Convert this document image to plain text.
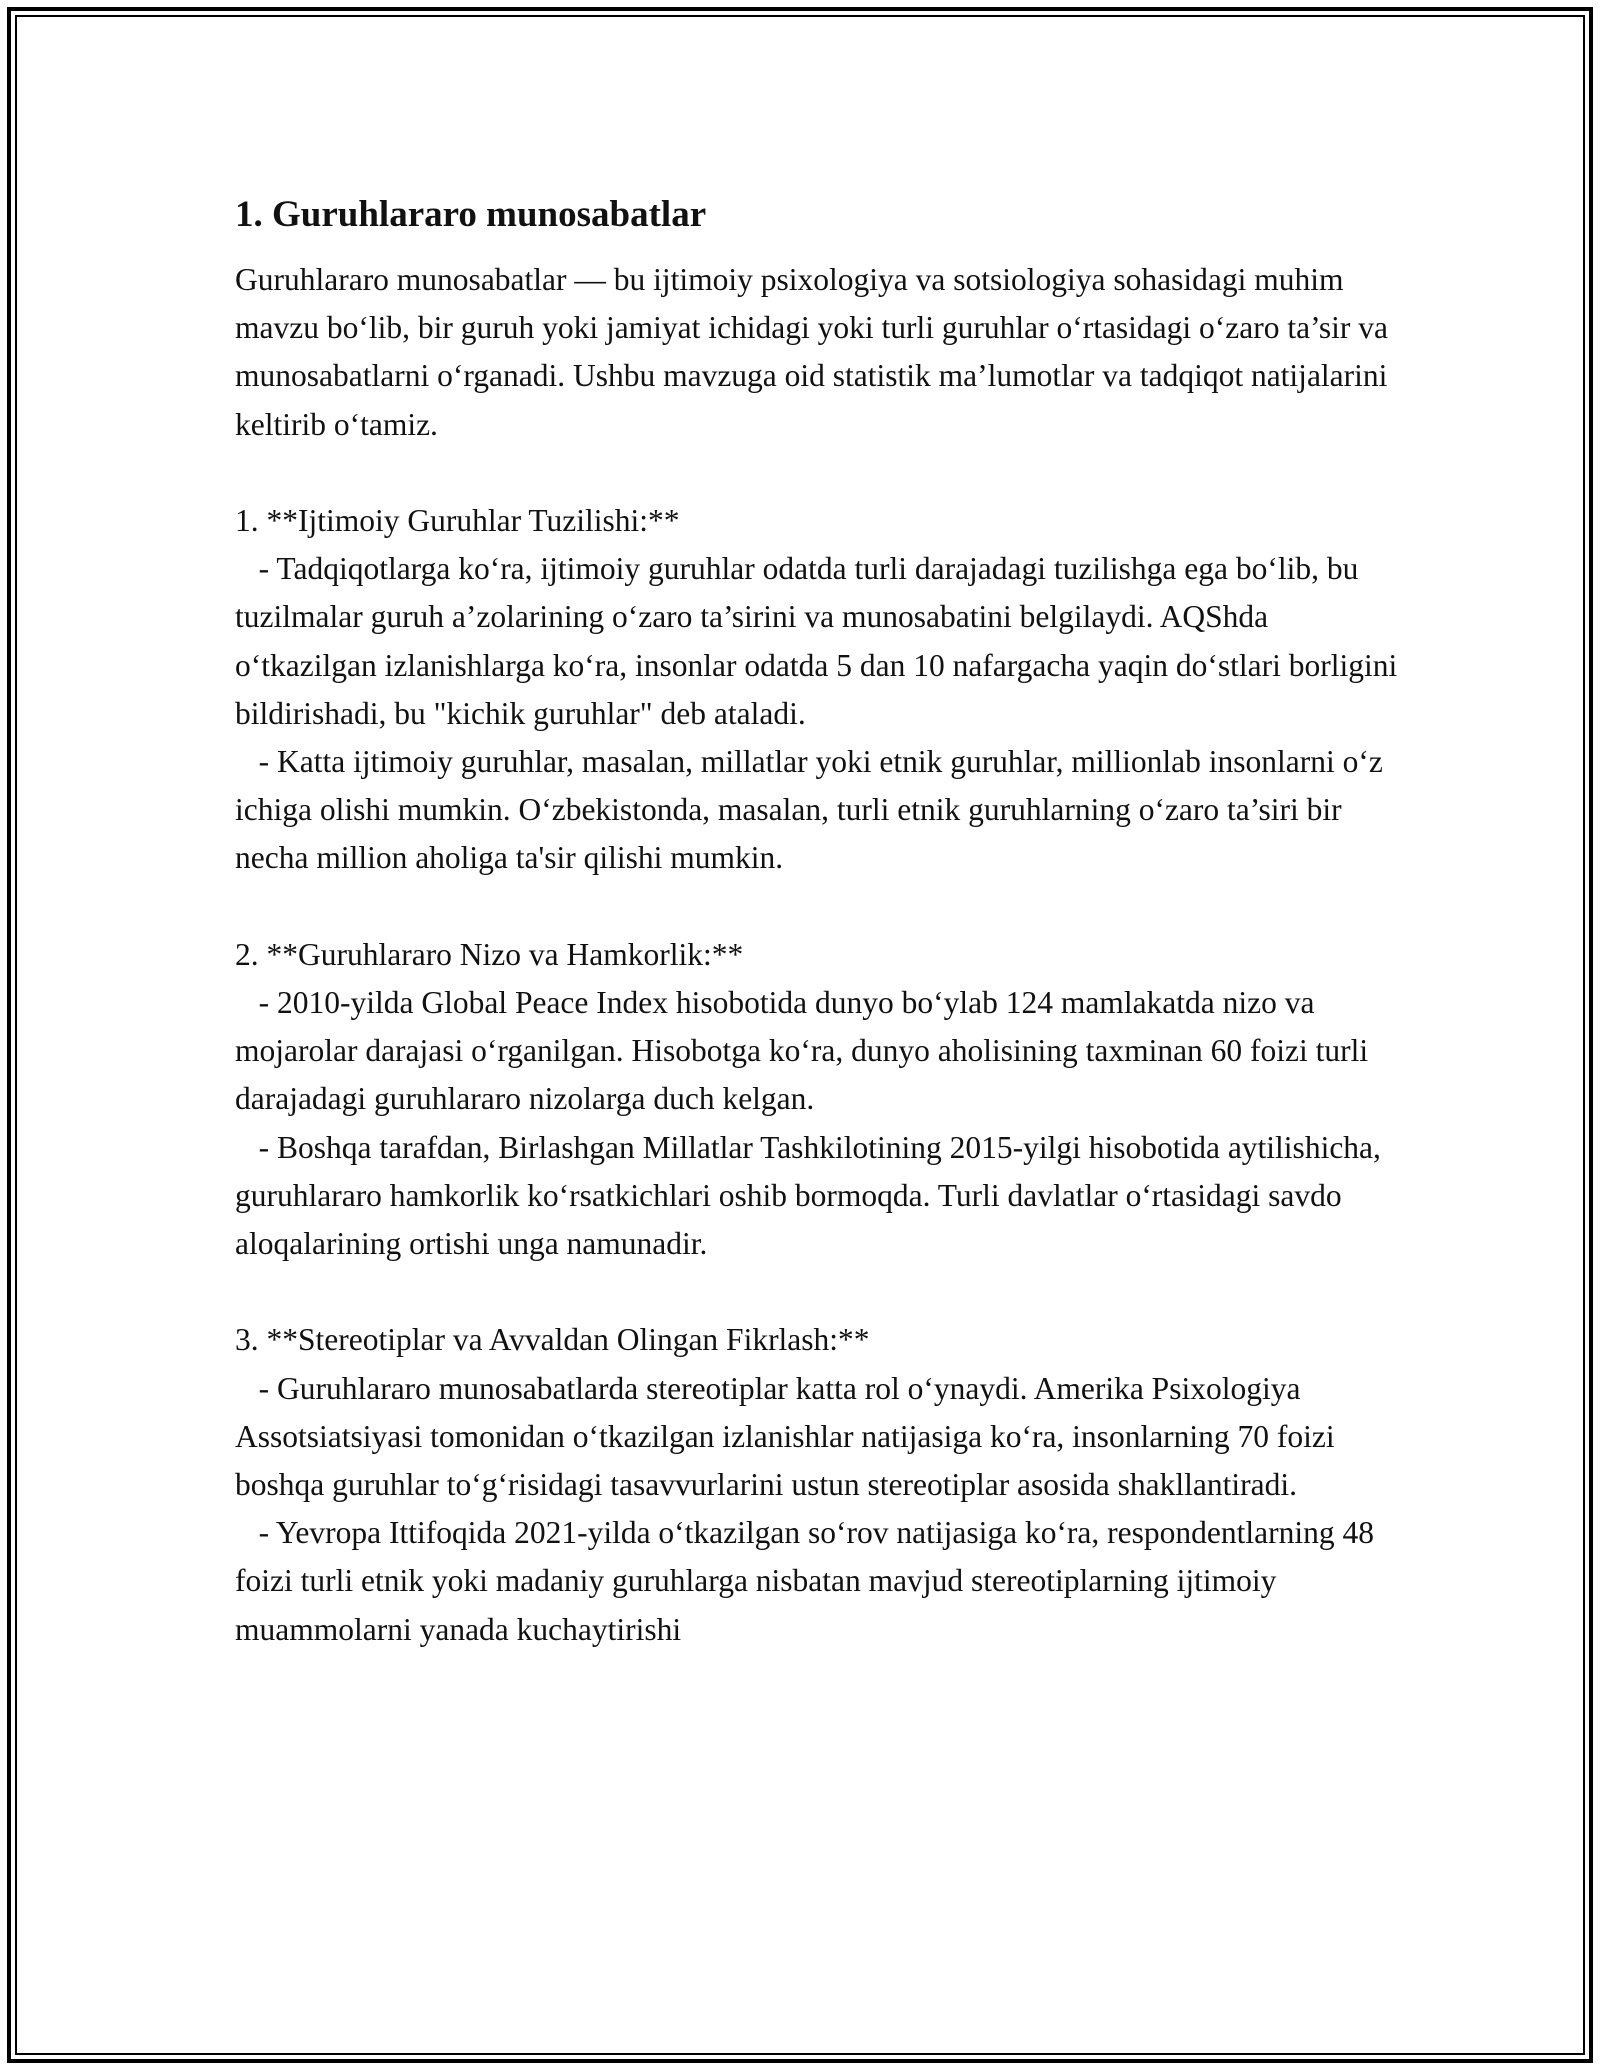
1. Guruhlararo munosabatlar

Guruhlararo munosabatlar — bu ijtimoiy psixologiya va sotsiologiya sohasidagi muhim mavzu bo‘lib, bir guruh yoki jamiyat ichidagi yoki turli guruhlar o‘rtasidagi o‘zaro ta’sir va munosabatlarni o‘rganadi. Ushbu mavzuga oid statistik ma’lumotlar va tadqiqot natijalarini keltirib o‘tamiz.

1. **Ijtimoiy Guruhlar Tuzilishi:**

- Tadqiqotlarga ko‘ra, ijtimoiy guruhlar odatda turli darajadagi tuzilishga ega bo‘lib, bu tuzilmalar guruh a’zolarining o‘zaro ta’sirini va munosabatini belgilaydi. AQShda o‘tkazilgan izlanishlarga ko‘ra, insonlar odatda 5 dan 10 nafargacha yaqin do‘stlari borligini bildirishadi, bu "kichik guruhlar" deb ataladi.

- Katta ijtimoiy guruhlar, masalan, millatlar yoki etnik guruhlar, millionlab insonlarni o‘z ichiga olishi mumkin. O‘zbekistonda, masalan, turli etnik guruhlarning o‘zaro ta’siri bir necha million aholiga ta'sir qilishi mumkin.

2. **Guruhlararo Nizo va Hamkorlik:**

- 2010-yilda Global Peace Index hisobotida dunyo bo‘ylab 124 mamlakatda nizo va mojarolar darajasi o‘rganilgan. Hisobotga ko‘ra, dunyo aholisining taxminan 60 foizi turli darajadagi guruhlararo nizolarga duch kelgan.

- Boshqa tarafdan, Birlashgan Millatlar Tashkilotining 2015-yilgi hisobotida aytilishicha, guruhlararo hamkorlik ko‘rsatkichlari oshib bormoqda. Turli davlatlar o‘rtasidagi savdo aloqalarining ortishi unga namunadir.

3. **Stereotiplar va Avvaldan Olingan Fikrlash:**

- Guruhlararo munosabatlarda stereotiplar katta rol o‘ynaydi. Amerika Psixologiya Assotsiatsiyasi tomonidan o‘tkazilgan izlanishlar natijasiga ko‘ra, insonlarning 70 foizi boshqa guruhlar to‘g‘risidagi tasavvurlarini ustun stereotiplar asosida shakllantiradi.

- Yevropa Ittifoqida 2021-yilda o‘tkazilgan so‘rov natijasiga ko‘ra, respondentlarning 48 foizi turli etnik yoki madaniy guruhlarga nisbatan mavjud stereotiplarning ijtimoiy muammolarni yanada kuchaytirishi
